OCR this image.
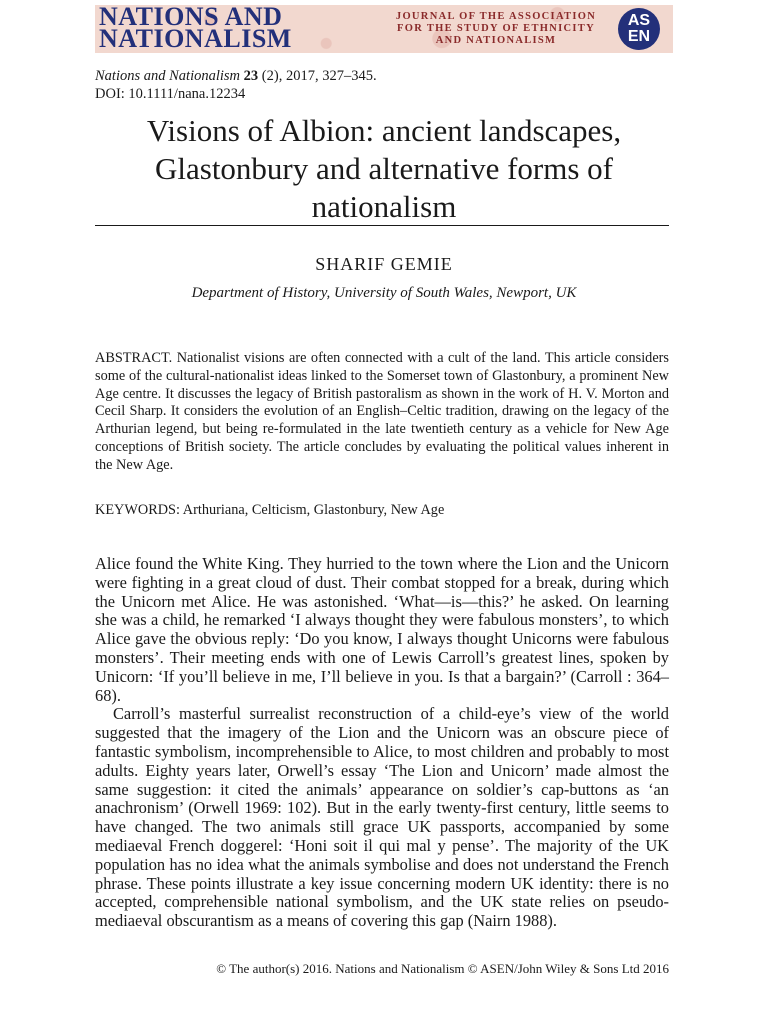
NATIONS AND
NATIONALISM
JOURNAL OF THE ASSOCIATION
FOR THE STUDY OF ETHNICITY
AND NATIONALISM
AS
EN
Nations and Nationalism 23 (2), 2017, 327–345.
DOI: 10.1111/nana.12234
Visions of Albion: ancient landscapes, Glastonbury and alternative forms of nationalism
SHARIF GEMIE
Department of History, University of South Wales, Newport, UK

ABSTRACT. Nationalist visions are often connected with a cult of the land. This article considers some of the cultural-nationalist ideas linked to the Somerset town of Glastonbury, a prominent New Age centre. It discusses the legacy of British pastoralism as shown in the work of H. V. Morton and Cecil Sharp. It considers the evolution of an English–Celtic tradition, drawing on the legacy of the Arthurian legend, but being re-formulated in the late twentieth century as a vehicle for New Age conceptions of British society. The article concludes by evaluating the political values inherent in the New Age.

KEYWORDS: Arthuriana, Celticism, Glastonbury, New Age

Alice found the White King. They hurried to the town where the Lion and the Unicorn were fighting in a great cloud of dust. Their combat stopped for a break, during which the Unicorn met Alice. He was astonished. ‘What—is—this?’ he asked. On learning she was a child, he remarked ‘I always thought they were fabulous monsters’, to which Alice gave the obvious reply: ‘Do you know, I always thought Unicorns were fabulous monsters’. Their meeting ends with one of Lewis Carroll’s greatest lines, spoken by Unicorn: ‘If you’ll believe in me, I’ll believe in you. Is that a bargain?’ (Carroll : 364–68).

Carroll’s masterful surrealist reconstruction of a child-eye’s view of the world suggested that the imagery of the Lion and the Unicorn was an obscure piece of fantastic symbolism, incomprehensible to Alice, to most children and probably to most adults. Eighty years later, Orwell’s essay ‘The Lion and Unicorn’ made almost the same suggestion: it cited the animals’ appearance on soldier’s cap-buttons as ‘an anachronism’ (Orwell 1969: 102). But in the early twenty-first century, little seems to have changed. The two animals still grace UK passports, accompanied by some mediaeval French doggerel: ‘Honi soit il qui mal y pense’. The majority of the UK population has no idea what the animals symbolise and does not understand the French phrase. These points illustrate a key issue concerning modern UK identity: there is no accepted, comprehensible national symbolism, and the UK state relies on pseudo-mediaeval obscurantism as a means of covering this gap (Nairn 1988).

© The author(s) 2016. Nations and Nationalism © ASEN/John Wiley & Sons Ltd 2016
